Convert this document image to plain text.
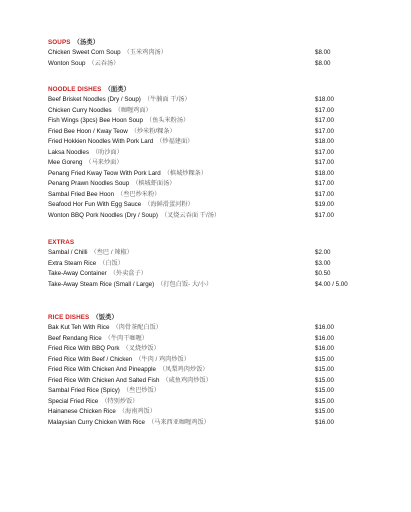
SOUPS （汤类）
Chicken Sweet Corn Soup （玉米鸡肉汤）	$8.00
Wonton Soup （云吞汤）	$8.00
NOODLE DISHES （面类）
Beef Brisket Noodles (Dry / Soup) （牛腩面 干/汤）	$18.00
Chicken Curry Noodles （咖喱鸡面）	$17.00
Fish Wings (3pcs) Bee Hoon Soup （鱼头米粉汤）	$17.00
Fried Bee Hoon / Kway Teow （炒米粉/粿条）	$17.00
Fried Hokkien Noodles With Pork Lard （炒福建面）	$18.00
Laksa Noodles （叻沙面）	$17.00
Mee Goreng （马来炒面）	$17.00
Penang Fried Kway Teow With Pork Lard （槟城炒粿条）	$18.00
Penang Prawn Noodles Soup （槟城虾面汤）	$17.00
Sambal Fried Bee Hoon （叁巴炒米粉）	$17.00
Seafood Hor Fun With Egg Sauce （海鲜滑蛋河粉）	$19.00
Wonton BBQ Pork Noodles (Dry / Soup) （叉烧云吞面 干/汤）	$17.00
EXTRAS
Sambal / Chilli （叁巴 / 辣椒）	$2.00
Extra Steam Rice （白饭）	$3.00
Take-Away Container （外卖盒子）	$0.50
Take-Away Steam Rice (Small / Large) （打包白饭- 大/小）	$4.00 / 5.00
RICE DISHES （饭类）
Bak Kut Teh With Rice （肉骨茶配白饭）	$16.00
Beef Rendang Rice （牛肉干咖喱）	$16.00
Fried Rice With BBQ Pork （叉烧炒饭）	$16.00
Fried Rice With Beef / Chicken （牛肉 / 鸡肉炒饭）	$15.00
Fried Rice With Chicken And Pineapple （凤梨鸡肉炒饭）	$15.00
Fried Rice With Chicken And Salted Fish （咸鱼鸡肉炒饭）	$15.00
Sambal Fried Rice (Spicy) （叁巴炒饭）	$15.00
Special Fried Rice （特别炒饭）	$15.00
Hainanese Chicken Rice （海南鸡饭）	$15.00
Malaysian Curry Chicken With Rice （马来西亚咖喱鸡饭）	$16.00
